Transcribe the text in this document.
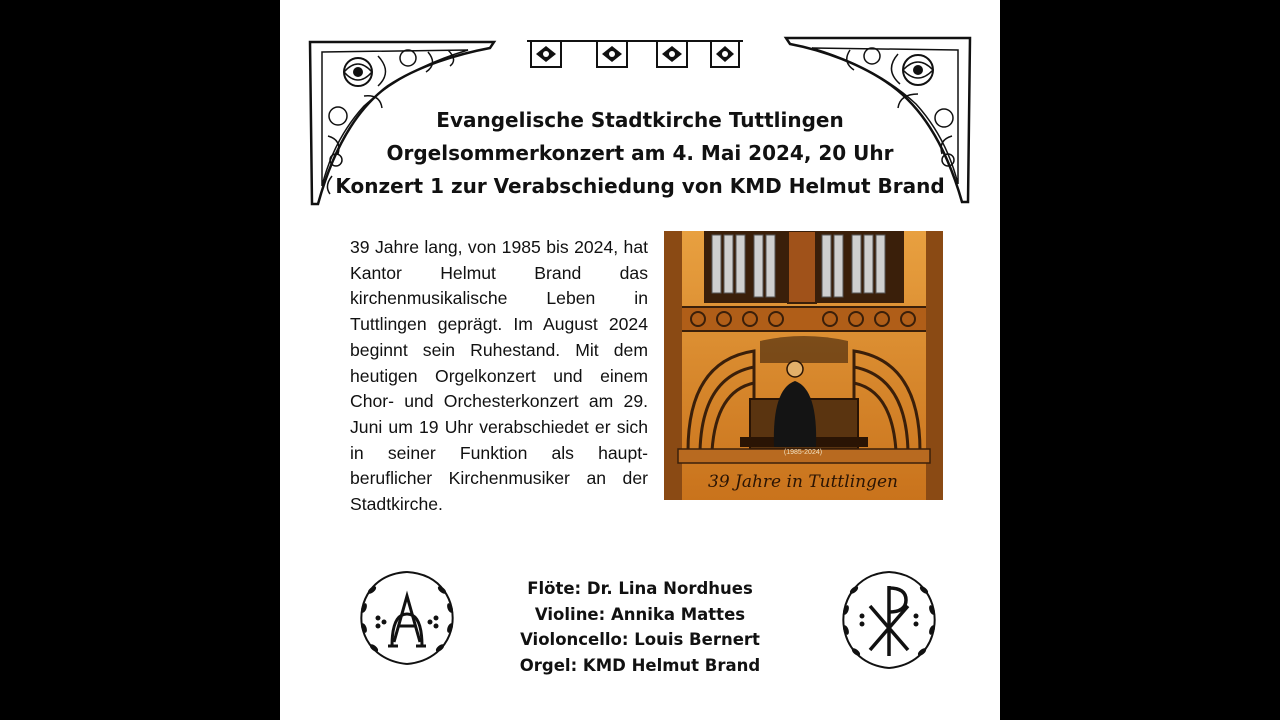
Evangelische Stadtkirche Tuttlingen
Orgelsommerkonzert am 4. Mai 2024, 20 Uhr
Konzert 1 zur Verabschiedung von KMD Helmut Brand
39 Jahre lang, von 1985 bis 2024, hat Kantor Helmut Brand das kirchenmusikalische Leben in Tuttlingen geprägt. Im August 2024 beginnt sein Ruhestand. Mit dem heutigen Orgelkonzert und einem Chor- und Orchesterkonzert am 29. Juni um 19 Uhr verabschiedet er sich in seiner Funktion als haupt-beruflicher Kirchenmusiker an der Stadtkirche.
(1985-2024)
39 Jahre in Tuttlingen
Flöte: Dr. Lina Nordhues
Violine: Annika Mattes
Violoncello: Louis Bernert
Orgel: KMD Helmut Brand
